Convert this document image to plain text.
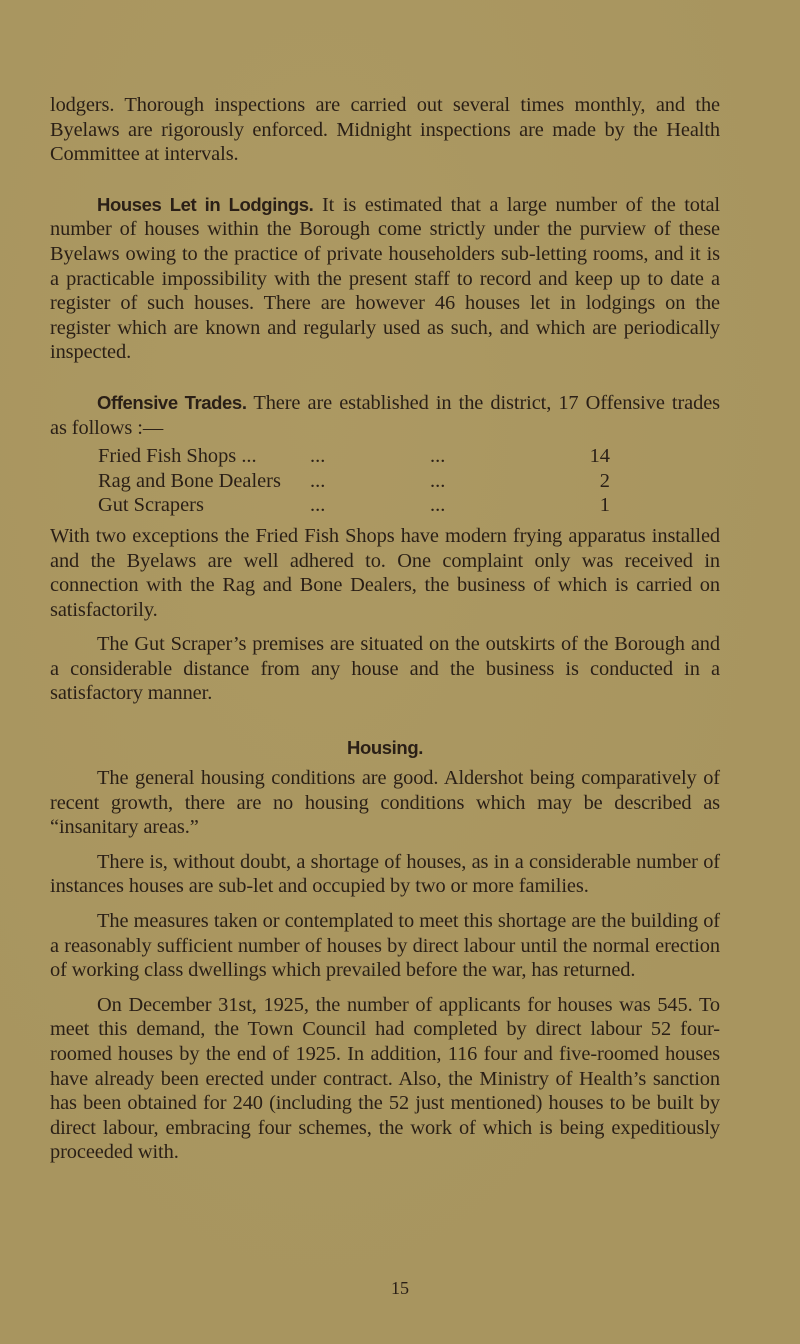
lodgers. Thorough inspections are carried out several times monthly, and the Byelaws are rigorously enforced. Midnight inspections are made by the Health Committee at intervals.

Houses Let in Lodgings. It is estimated that a large number of the total number of houses within the Borough come strictly under the purview of these Byelaws owing to the practice of private householders sub-letting rooms, and it is a practicable impossibility with the present staff to record and keep up to date a register of such houses. There are however 46 houses let in lodgings on the register which are known and regularly used as such, and which are periodically inspected.

Offensive Trades. There are established in the district, 17 Offensive trades as follows :—

Fried Fish Shops ...	...	...	14
Rag and Bone Dealers	...	...	2
Gut Scrapers	...	...	1

With two exceptions the Fried Fish Shops have modern frying apparatus installed and the Byelaws are well adhered to. One complaint only was received in connection with the Rag and Bone Dealers, the business of which is carried on satisfactorily.

The Gut Scraper’s premises are situated on the outskirts of the Borough and a considerable distance from any house and the business is conducted in a satisfactory manner.

Housing.

The general housing conditions are good. Aldershot being comparatively of recent growth, there are no housing conditions which may be described as “insanitary areas.”

There is, without doubt, a shortage of houses, as in a considerable number of instances houses are sub-let and occupied by two or more families.

The measures taken or contemplated to meet this shortage are the building of a reasonably sufficient number of houses by direct labour until the normal erection of working class dwellings which prevailed before the war, has returned.

On December 31st, 1925, the number of applicants for houses was 545. To meet this demand, the Town Council had completed by direct labour 52 four-roomed houses by the end of 1925. In addition, 116 four and five-roomed houses have already been erected under contract. Also, the Ministry of Health’s sanction has been obtained for 240 (including the 52 just mentioned) houses to be built by direct labour, embracing four schemes, the work of which is being expeditiously proceeded with.

15
